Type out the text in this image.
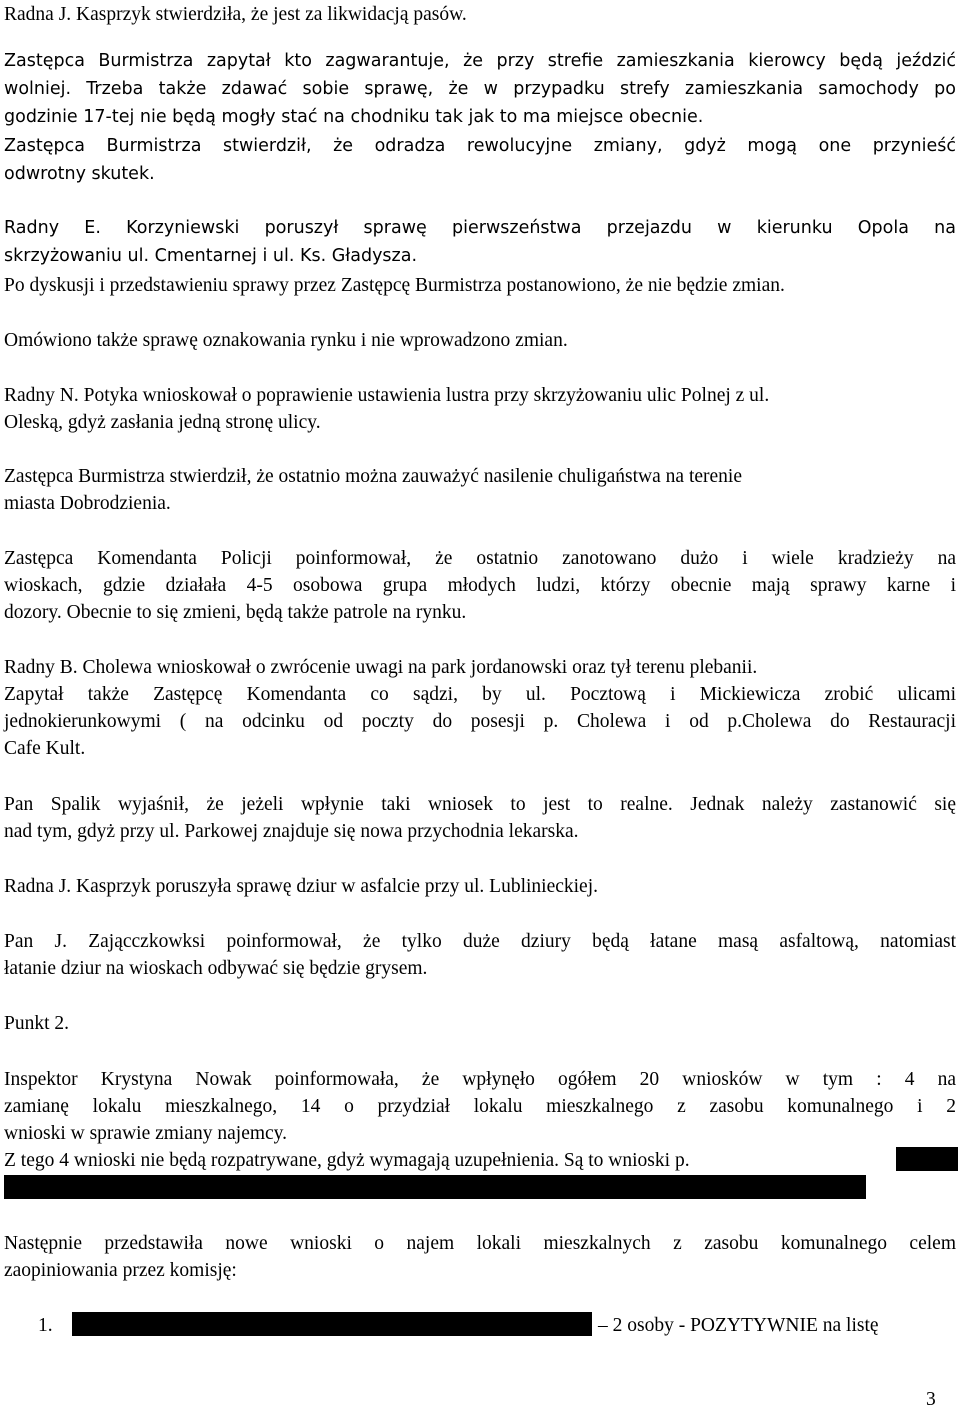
Radna J. Kasprzyk stwierdziła, że jest za likwidacją pasów.
Zastępca Burmistrza zapytał kto zagwarantuje, że przy strefie zamieszkania kierowcy będą jeździć
wolniej. Trzeba także zdawać sobie sprawę, że w przypadku strefy zamieszkania samochody po
godzinie 17-tej nie będą mogły stać na chodniku tak jak to ma miejsce obecnie.
Zastępca Burmistrza stwierdził, że odradza rewolucyjne zmiany, gdyż mogą one przynieść
odwrotny skutek.
Radny E. Korzyniewski poruszył sprawę pierwszeństwa przejazdu w kierunku Opola na
skrzyżowaniu ul. Cmentarnej i ul. Ks. Gładysza.
Po dyskusji i przedstawieniu sprawy przez Zastępcę Burmistrza postanowiono, że nie będzie zmian.
Omówiono także sprawę oznakowania rynku i nie wprowadzono zmian.
Radny N. Potyka wnioskował o poprawienie ustawienia lustra przy skrzyżowaniu ulic Polnej z ul.
Oleską, gdyż zasłania jedną stronę ulicy.
Zastępca Burmistrza stwierdził, że ostatnio można zauważyć nasilenie chuligaństwa na terenie
miasta Dobrodzienia.
Zastępca Komendanta Policji poinformował, że ostatnio zanotowano dużo i wiele kradzieży na
wioskach, gdzie działała 4-5 osobowa grupa młodych ludzi, którzy obecnie mają sprawy karne i
dozory. Obecnie to się zmieni, będą także patrole na rynku.
Radny B. Cholewa wnioskował o zwrócenie uwagi na park jordanowski oraz tył terenu plebanii.
Zapytał także Zastępcę Komendanta co sądzi, by ul. Pocztową i Mickiewicza zrobić ulicami
jednokierunkowymi ( na odcinku od poczty do posesji p. Cholewa i od p.Cholewa do Restauracji
Cafe Kult.
Pan Spalik wyjaśnił, że jeżeli wpłynie taki wniosek to jest to realne. Jednak należy zastanowić się
nad tym, gdyż przy ul. Parkowej znajduje się nowa przychodnia lekarska.
Radna J. Kasprzyk poruszyła sprawę dziur w asfalcie przy ul. Lublinieckiej.
Pan J. Zającczkowksi poinformował, że tylko duże dziury będą łatane masą asfaltową, natomiast
łatanie dziur na wioskach odbywać się będzie grysem.
Punkt 2.
Inspektor Krystyna Nowak poinformowała, że wpłynęło ogółem 20 wniosków w tym : 4 na
zamianę lokalu mieszkalnego, 14 o przydział lokalu mieszkalnego z zasobu komunalnego i 2
wnioski w sprawie zmiany najemcy.
Z tego 4 wnioski nie będą rozpatrywane, gdyż wymagają uzupełnienia. Są to wnioski p.
Następnie przedstawiła nowe wnioski o najem lokali mieszkalnych z zasobu komunalnego celem
zaopiniowania przez komisję:
1.	– 2 osoby - POZYTYWNIE na listę
3
